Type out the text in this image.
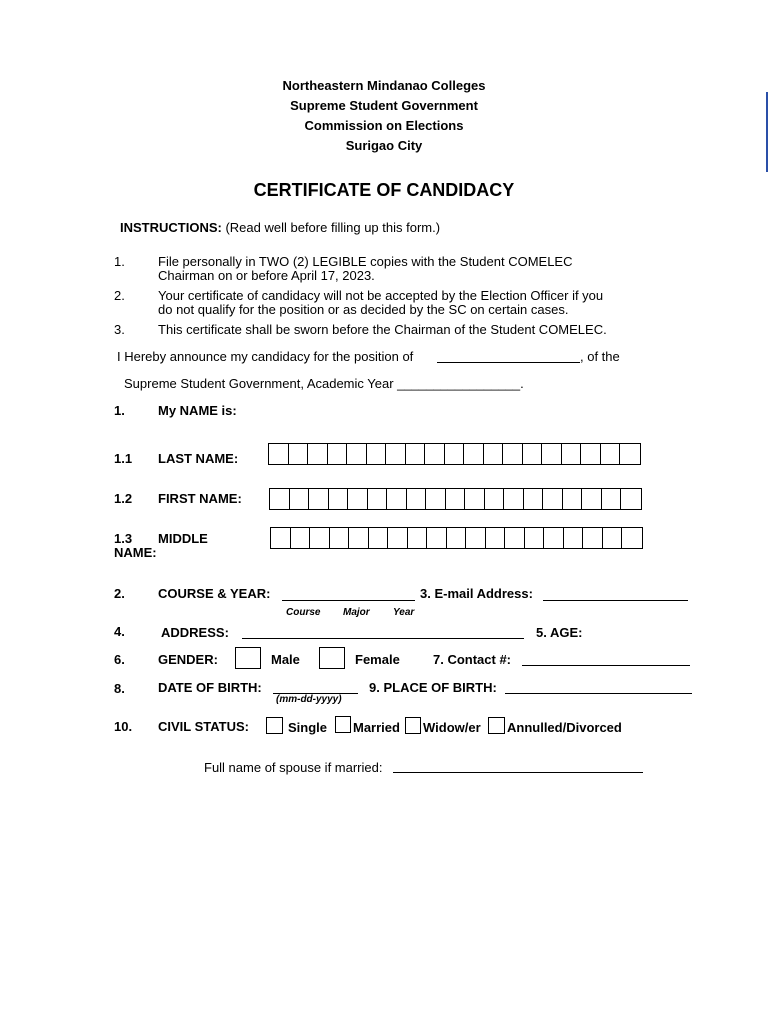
Northeastern Mindanao Colleges
Supreme Student Government
Commission on Elections
Surigao City
CERTIFICATE OF CANDIDACY
INSTRUCTIONS: (Read well before filling up this form.)
1.	File personally in TWO (2) LEGIBLE copies with the Student COMELEC
Chairman on or before April 17, 2023.
2.	Your certificate of candidacy will not be accepted by the Election Officer if you
do not qualify for the position or as decided by the SC on certain cases.
3.	This certificate shall be sworn before the Chairman of the Student COMELEC.
I Hereby announce my candidacy for the position of	, of the
Supreme Student Government, Academic Year _________________.
1.	My NAME is:
1.1 LAST NAME:
1.2 FIRST NAME:
1.3 MIDDLE
NAME:
2.	COURSE & YEAR:	3. E-mail Address:
Course Major Year
4.	ADDRESS:	5. AGE:
6.	GENDER:	Male	Female	7. Contact #:
8.	DATE OF BIRTH:
(mm-dd-yyyy)
9. PLACE OF BIRTH:
10. CIVIL STATUS:	Single Married Widow/er Annulled/Divorced
Full name of spouse if married:
